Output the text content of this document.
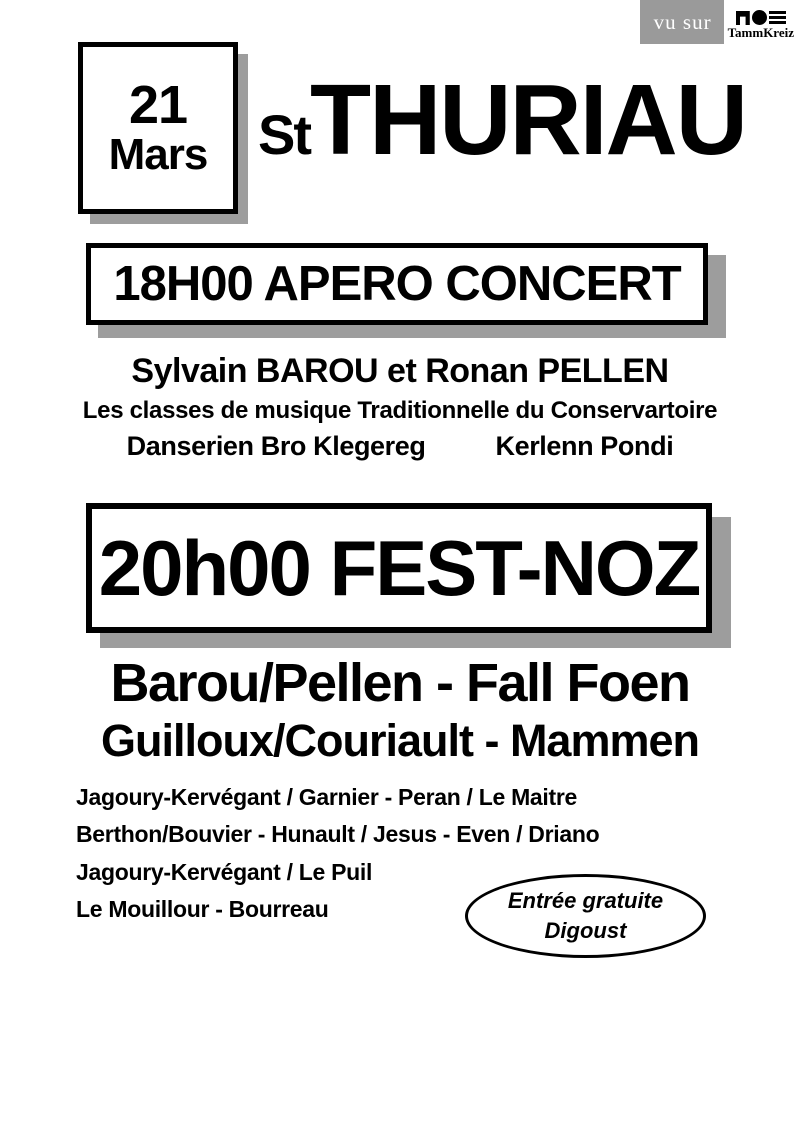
vu sur	TammKreiz
21
Mars StTHURIAU
18H00 APERO CONCERT
Sylvain BAROU et Ronan PELLEN
Les classes de musique Traditionnelle du Conservartoire
Danserien Bro Klegereg	Kerlenn Pondi
20h00 FEST-NOZ
Barou/Pellen - Fall Foen
Guilloux/Couriault - Mammen
Jagoury-Kervégant / Garnier - Peran / Le Maitre
Berthon/Bouvier - Hunault / Jesus - Even / Driano
Jagoury-Kervégant / Le Puil
Le Mouillour - Bourreau	Entrée gratuite
Digoust
